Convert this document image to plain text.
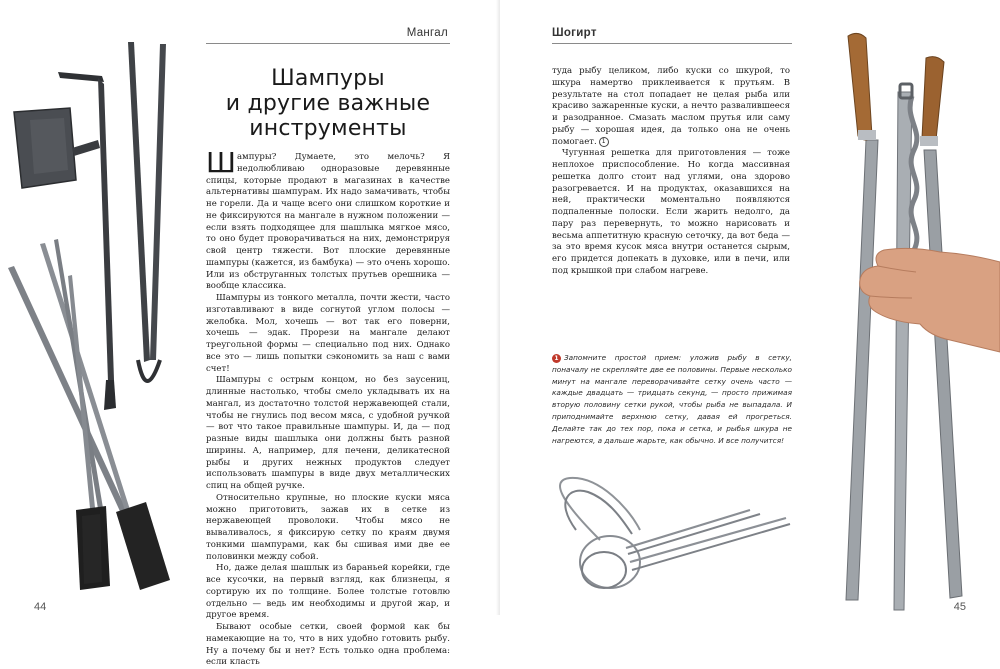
Мангал
Шампуры
и другие важные
инструменты

Шампуры? Думаете, это мелочь? Я недолюбливаю одноразовые деревянные спицы, которые продают в магазинах в качестве альтернативы шампурам. Их надо замачивать, чтобы не горели. Да и чаще всего они слишком короткие и не фиксируются на мангале в нужном положении — если взять подходящее для шашлыка мягкое мясо, то оно будет проворачиваться на них, демонстрируя свой центр тяжести. Вот плоские деревянные шампуры (кажется, из бамбука) — это очень хорошо. Или из обструганных толстых прутьев орешника — вообще классика.

Шампуры из тонкого металла, почти жести, часто изготавливают в виде согнутой углом полосы — желобка. Мол, хочешь — вот так его поверни, хочешь — эдак. Прорези на мангале делают треугольной формы — специально под них. Однако все это — лишь попытки сэкономить за наш с вами счет!

Шампуры с острым концом, но без заусениц, длинные настолько, чтобы смело укладывать их на мангал, из достаточно толстой нержавеющей стали, чтобы не гнулись под весом мяса, с удобной ручкой — вот что такое правильные шампуры. И, да — под разные виды шашлыка они должны быть разной ширины. А, например, для печени, деликатесной рыбы и других нежных продуктов следует использовать шампуры в виде двух металлических спиц на общей ручке.

Относительно крупные, но плоские куски мяса можно приготовить, зажав их в сетке из нержавеющей проволоки. Чтобы мясо не вываливалось, я фиксирую сетку по краям двумя тонкими шампурами, как бы сшивая ими две ее половинки между собой.

Но, даже делая шашлык из бараньей корейки, где все кусочки, на первый взгляд, как близнецы, я сортирую их по толщине. Более толстые готовлю отдельно — ведь им необходимы и другой жар, и другое время.

Бывают особые сетки, своей формой как бы намекающие на то, что в них удобно готовить рыбу. Ну а почему бы и нет? Есть только одна проблема: если класть

44
Шогирт

туда рыбу целиком, либо куски со шкурой, то шкура намертво приклеивается к прутьям. В результате на стол попадает не целая рыба или красиво зажаренные куски, а нечто развалившееся и разодранное. Смазать маслом прутья или саму рыбу — хорошая идея, да только она не очень помогает. 1

Чугунная решетка для приготовления — тоже неплохое приспособление. Но когда массивная решетка долго стоит над углями, она здорово разогревается. И на продуктах, оказавшихся на ней, практически моментально появляются подпаленные полоски. Если жарить недолго, да пару раз перевернуть, то можно нарисовать и весьма аппетитную красную сеточку, да вот беда — за это время кусок мяса внутри останется сырым, его придется допекать в духовке, или в печи, или под крышкой при слабом нагреве.

1 Запомните простой прием: уложив рыбу в сетку, поначалу не скрепляйте две ее половины. Первые несколько минут на мангале переворачивайте сетку очень часто — каждые двадцать — тридцать секунд, — просто прижимая вторую половину сетки рукой, чтобы рыба не выпадала. И приподнимайте верхнюю сетку, давая ей прогреться. Делайте так до тех пор, пока и сетка, и рыбья шкура не нагреются, а дальше жарьте, как обычно. И все получится!
45
